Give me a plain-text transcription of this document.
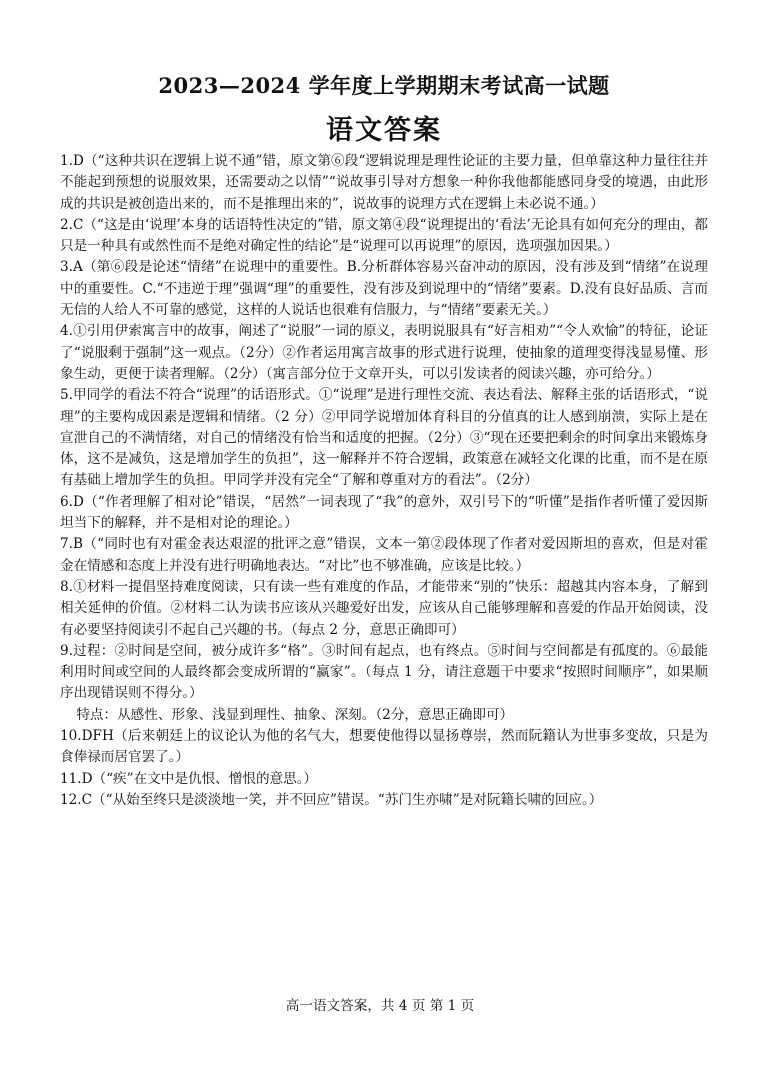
2023—2024 学年度上学期期末考试高一试题
语文答案

1.D（“这种共识在逻辑上说不通”错，原文第⑥段“逻辑说理是理性论证的主要力量，但单靠这种力量往往并不能起到预想的说服效果，还需要动之以情”“说故事引导对方想象一种你我他都能感同身受的境遇，由此形成的共识是被创造出来的，而不是推理出来的”，说故事的说理方式在逻辑上未必说不通。）

2.C（“这是由‘说理’本身的话语特性决定的”错，原文第④段“说理提出的‘看法’无论具有如何充分的理由，都只是一种具有或然性而不是绝对确定性的结论”是“说理可以再说理”的原因，选项强加因果。）

3.A（第⑥段是论述“情绪”在说理中的重要性。B.分析群体容易兴奋冲动的原因，没有涉及到“情绪”在说理中的重要性。C.“不违逆于理”强调“理”的重要性，没有涉及到说理中的“情绪”要素。D.没有良好品质、言而无信的人给人不可靠的感觉，这样的人说话也很难有信服力，与“情绪”要素无关。）

4.①引用伊索寓言中的故事，阐述了“说服”一词的原义，表明说服具有“好言相劝”“令人欢愉”的特征，论证了“说服剩于强制”这一观点。（2分）②作者运用寓言故事的形式进行说理，使抽象的道理变得浅显易懂、形象生动，更便于读者理解。（2分）（寓言部分位于文章开头，可以引发读者的阅读兴趣，亦可给分。）

5.甲同学的看法不符合“说理”的话语形式。①“说理”是进行理性交流、表达看法、解释主张的话语形式，“说理”的主要构成因素是逻辑和情绪。（2 分）②甲同学说增加体育科目的分值真的让人感到崩溃，实际上是在宣泄自己的不满情绪，对自己的情绪没有恰当和适度的把握。（2分）③“现在还要把剩余的时间拿出来锻炼身体，这不是减负，这是增加学生的负担”，这一解释并不符合逻辑，政策意在减轻文化课的比重，而不是在原有基础上增加学生的负担。甲同学并没有完全“了解和尊重对方的看法”。（2分）

6.D（“作者理解了相对论”错误，“居然”一词表现了“我”的意外，双引号下的“听懂”是指作者听懂了爱因斯坦当下的解释，并不是相对论的理论。）

7.B（“同时也有对霍金表达艰涩的批评之意”错误，文本一第②段体现了作者对爱因斯坦的喜欢，但是对霍金在情感和态度上并没有进行明确地表达。“对比”也不够准确，应该是比较。）

8.①材料一提倡坚持难度阅读，只有读一些有难度的作品，才能带来“别的”快乐：超越其内容本身，了解到相关延伸的价值。②材料二认为读书应该从兴趣爱好出发，应该从自己能够理解和喜爱的作品开始阅读，没有必要坚持阅读引不起自己兴趣的书。（每点 2 分，意思正确即可）

9.过程：②时间是空间，被分成许多“格”。③时间有起点，也有终点。⑤时间与空间都是有孤度的。⑥最能利用时间或空间的人最终都会变成所谓的“赢家”。（每点 1 分，请注意题干中要求“按照时间顺序”，如果顺序出现错误则不得分。）

特点：从感性、形象、浅显到理性、抽象、深刻。（2分，意思正确即可）

10.DFH（后来朝廷上的议论认为他的名气大，想要使他得以显扬尊崇，然而阮籍认为世事多变故，只是为食俸禄而居官罢了。）

11.D（“疾”在文中是仇恨、憎恨的意思。）

12.C（“从始至终只是淡淡地一笑，并不回应”错误。“苏门生亦啸”是对阮籍长啸的回应。）

高一语文答案，共 4 页 第 1 页
